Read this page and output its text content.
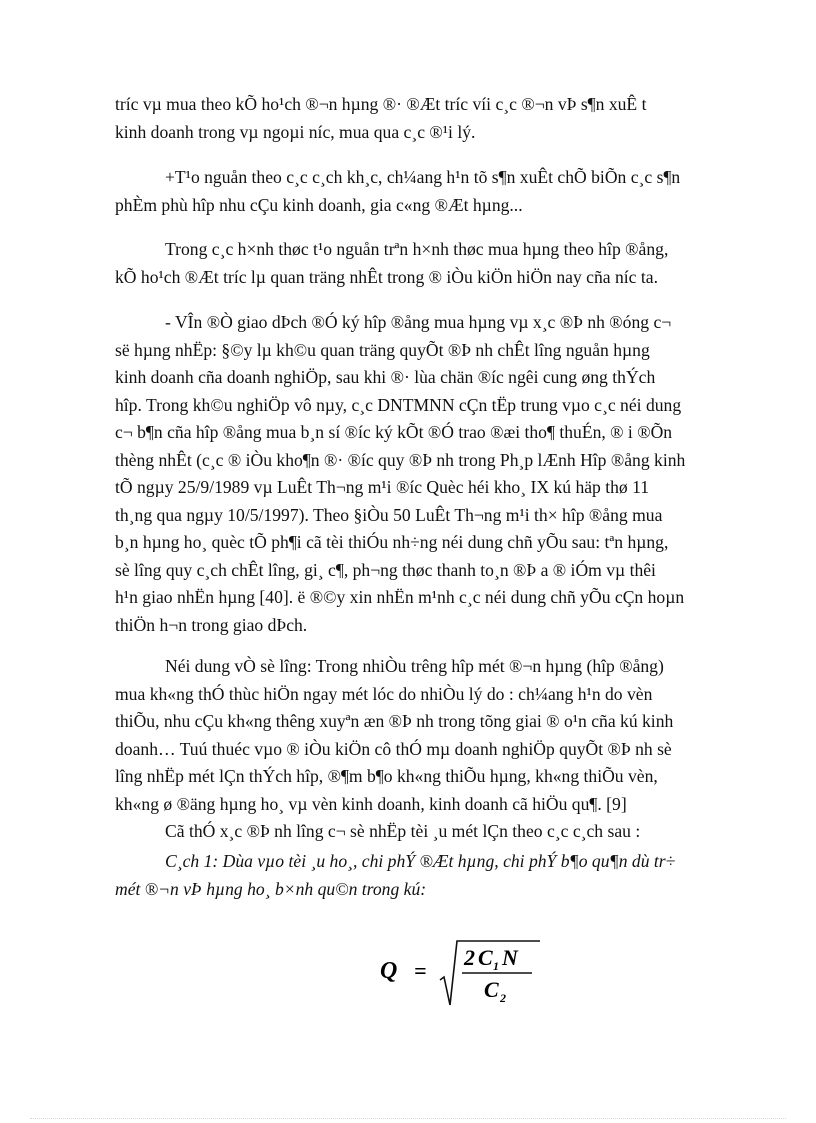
tríc vµ mua theo kÕ ho¹ch ®¬n hµng ®· ®Æt tríc víi c¸c ®¬n vÞ s¶n xuÊ t
kinh doanh trong vµ ngoµi níc, mua qua c¸c ®¹i lý.
+T¹o nguån theo c¸c c¸ch kh¸c, ch¼ang h¹n tõ s¶n xuÊt chÕ biÕn c¸c s¶n
phÈm phù hîp nhu cÇu kinh doanh, gia c«ng ®Æt hµng...
Trong c¸c h×nh thøc t¹o nguån trªn h×nh thøc mua hµng theo hîp ®ång,
kÕ ho¹ch ®Æt tríc lµ quan träng nhÊt trong ® iÒu kiÖn hiÖn nay cña níc ta.
- VÎn ®Ò giao dÞch ®Ó ký hîp ®ång mua hµng vµ x¸c ®Þ nh ®óng c¬
së hµng nhËp: §©y lµ kh©u quan träng quyÕt ®Þ nh chÊt lîng nguån hµng
kinh doanh cña doanh nghiÖp, sau khi ®· lùa chän ®íc ngêi cung øng thÝch
hîp. Trong kh©u nghiÖp vô nµy, c¸c DNTMNN cÇn tËp trung vµo c¸c néi dung
c¬ b¶n cña hîp ®ång mua b¸n sí ®íc ký kÕt ®Ó trao ®æi tho¶ thuÉn, ® i ®Õn
thèng nhÊt (c¸c ® iÒu kho¶n ®· ®íc quy ®Þ nh trong Ph¸p lÆnh Hîp ®ång kinh
tÕ ngµy 25/9/1989 vµ LuÊt Th¬ng m¹i ®íc Quèc héi kho¸ IX kú häp thø 11
th¸ng qua ngµy 10/5/1997). Theo §iÒu 50 LuÊt Th¬ng m¹i th× hîp ®ång mua
b¸n hµng ho¸ quèc tÕ ph¶i cã tèi thiÓu nh÷ng néi dung chñ yÕu sau: tªn hµng,
sè lîng quy c¸ch chÊt lîng, gi¸ c¶, ph¬ng thøc thanh to¸n ®Þ a ® iÓm vµ thêi
h¹n giao nhËn hµng [40]. ë ®©y xin nhËn m¹nh c¸c néi dung chñ yÕu cÇn hoµn
thiÖn h¬n trong giao dÞch.
Néi dung vÒ sè lîng: Trong nhiÒu trêng hîp mét ®¬n hµng (hîp ®ång)
mua kh«ng thÓ thùc hiÖn ngay mét lóc do nhiÒu lý do : ch¼ang h¹n do vèn
thiÕu, nhu cÇu kh«ng thêng xuyªn æn ®Þ nh trong tõng giai ® o¹n cña kú kinh
doanh… Tuú thuéc vµo ® iÒu kiÖn cô thÓ mµ doanh nghiÖp quyÕt ®Þ nh sè
lîng nhËp mét lÇn thÝch hîp, ®¶m b¶o kh«ng thiÕu hµng, kh«ng thiÕu vèn,
kh«ng ø ®äng hµng ho¸ vµ vèn kinh doanh, kinh doanh cã hiÖu qu¶. [9]
Cã thÓ x¸c ®Þ nh lîng c¬ sè nhËp tèi ¸u mét lÇn theo c¸c c¸ch sau :
C¸ch 1: Dùa vµo tèi ¸u ho¸, chi phÝ ®Æt hµng, chi phÝ b¶o qu¶n dù tr÷
mét ®¬n vÞ hµng ho¸ b×nh qu©n trong kú:
Q =
2 C 1 N
C 2
